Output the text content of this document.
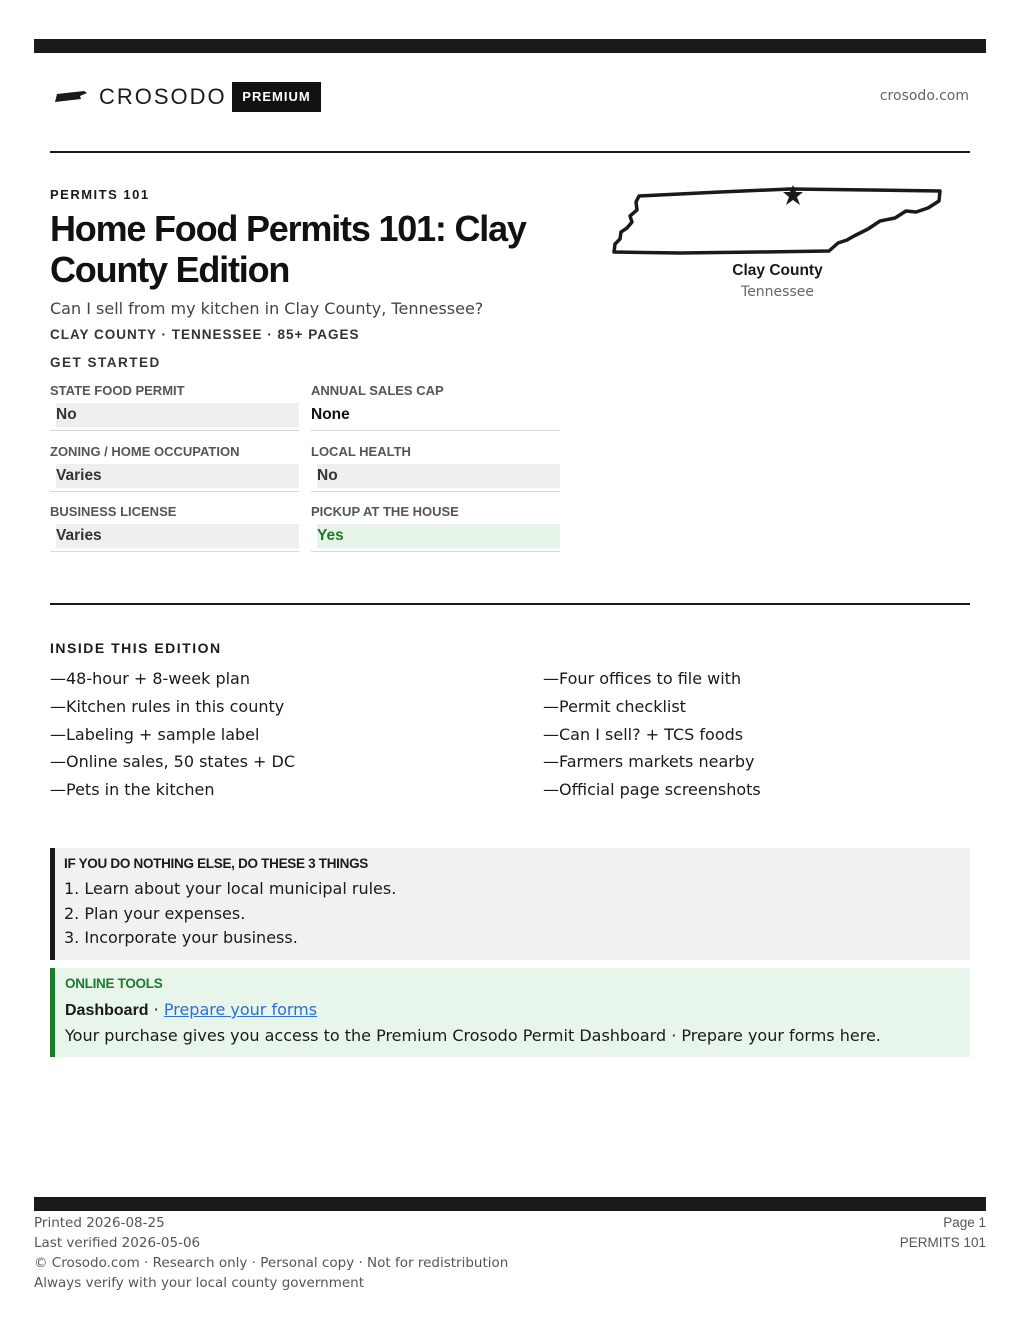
CROSODO	PREMIUM	crosodo.com
PERMITS 101
Home Food Permits 101: Clay County Edition
Can I sell from my kitchen in Clay County, Tennessee?
CLAY COUNTY · TENNESSEE · 85+ PAGES
Clay County
Tennessee
GET STARTED
STATE FOOD PERMIT
No
ANNUAL SALES CAP
None
ZONING / HOME OCCUPATION
Varies
LOCAL HEALTH
No
BUSINESS LICENSE
Varies
PICKUP AT THE HOUSE
Yes
INSIDE THIS EDITION
—48-hour + 8-week plan
—Kitchen rules in this county
—Labeling + sample label
—Online sales, 50 states + DC
—Pets in the kitchen
—Four offices to file with
—Permit checklist
—Can I sell? + TCS foods
—Farmers markets nearby
—Official page screenshots
IF YOU DO NOTHING ELSE, DO THESE 3 THINGS
1. Learn about your local municipal rules.
2. Plan your expenses.
3. Incorporate your business.
ONLINE TOOLS
Dashboard · Prepare your forms
Your purchase gives you access to the Premium Crosodo Permit Dashboard · Prepare your forms here.
Printed 2026-08-25
Last verified 2026-05-06
© Crosodo.com · Research only · Personal copy · Not for redistribution
Always verify with your local county government
Page 1
PERMITS 101
